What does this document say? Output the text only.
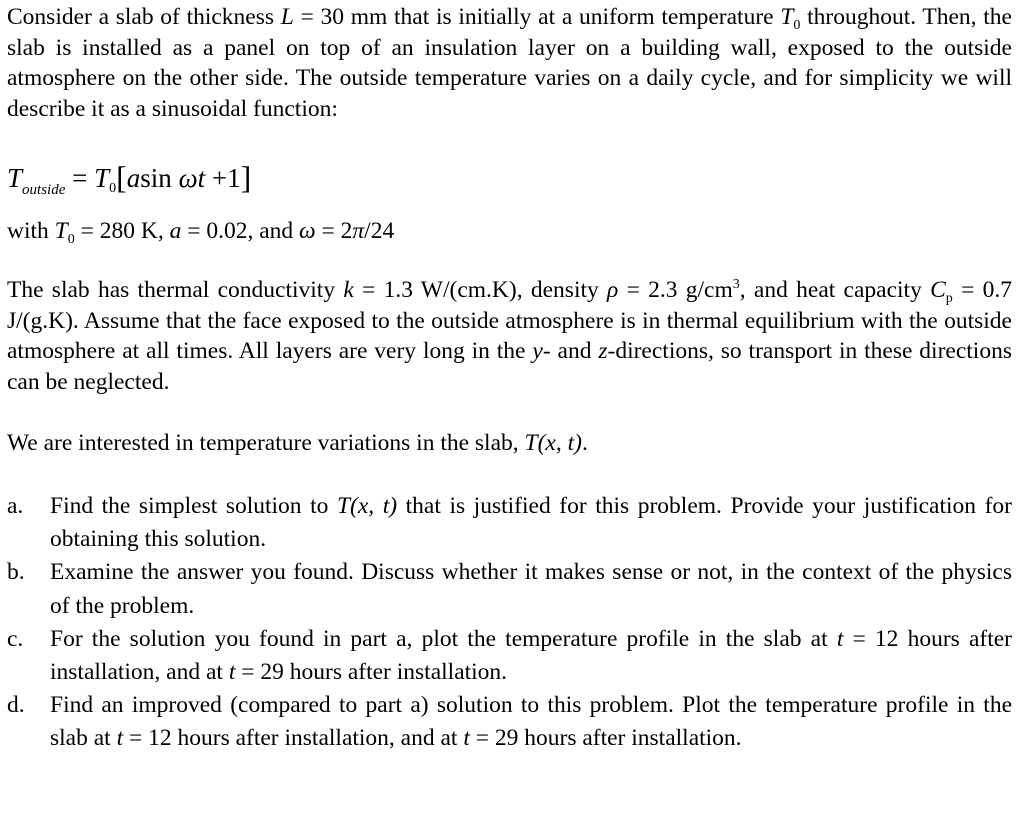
Consider a slab of thickness L = 30 mm that is initially at a uniform temperature $T_0$ throughout. Then, the slab is installed as a panel on top of an insulation layer on a building wall, exposed to the outside atmosphere on the other side. The outside temperature varies on a daily cycle, and for simplicity we will describe it as a sinusoidal function:

$T_{outside} = T_0[asin$ ωt +1]

with $T_0 = 280$ K, a = 0.02, and ω = 2π/24

The slab has thermal conductivity k = 1.3 W/(cm.K), density ρ = 2.3 $g/cm^3$, and heat capacity $C_p = 0.7$ J/(g.K). Assume that the face exposed to the outside atmosphere is in thermal equilibrium with the outside atmosphere at all times. All layers are very long in the y- and z-directions, so transport in these directions can be neglected.

We are interested in temperature variations in the slab, T(x, t).

a. Find the simplest solution to T(x, t) that is justified for this problem. Provide your justification for obtaining this solution.
b. Examine the answer you found. Discuss whether it makes sense or not, in the context of the physics of the problem.
c. For the solution you found in part a, plot the temperature profile in the slab at t = 12 hours after installation, and at t = 29 hours after installation.
d. Find an improved (compared to part a) solution to this problem. Plot the temperature profile in the slab at t = 12 hours after installation, and at t = 29 hours after installation.
